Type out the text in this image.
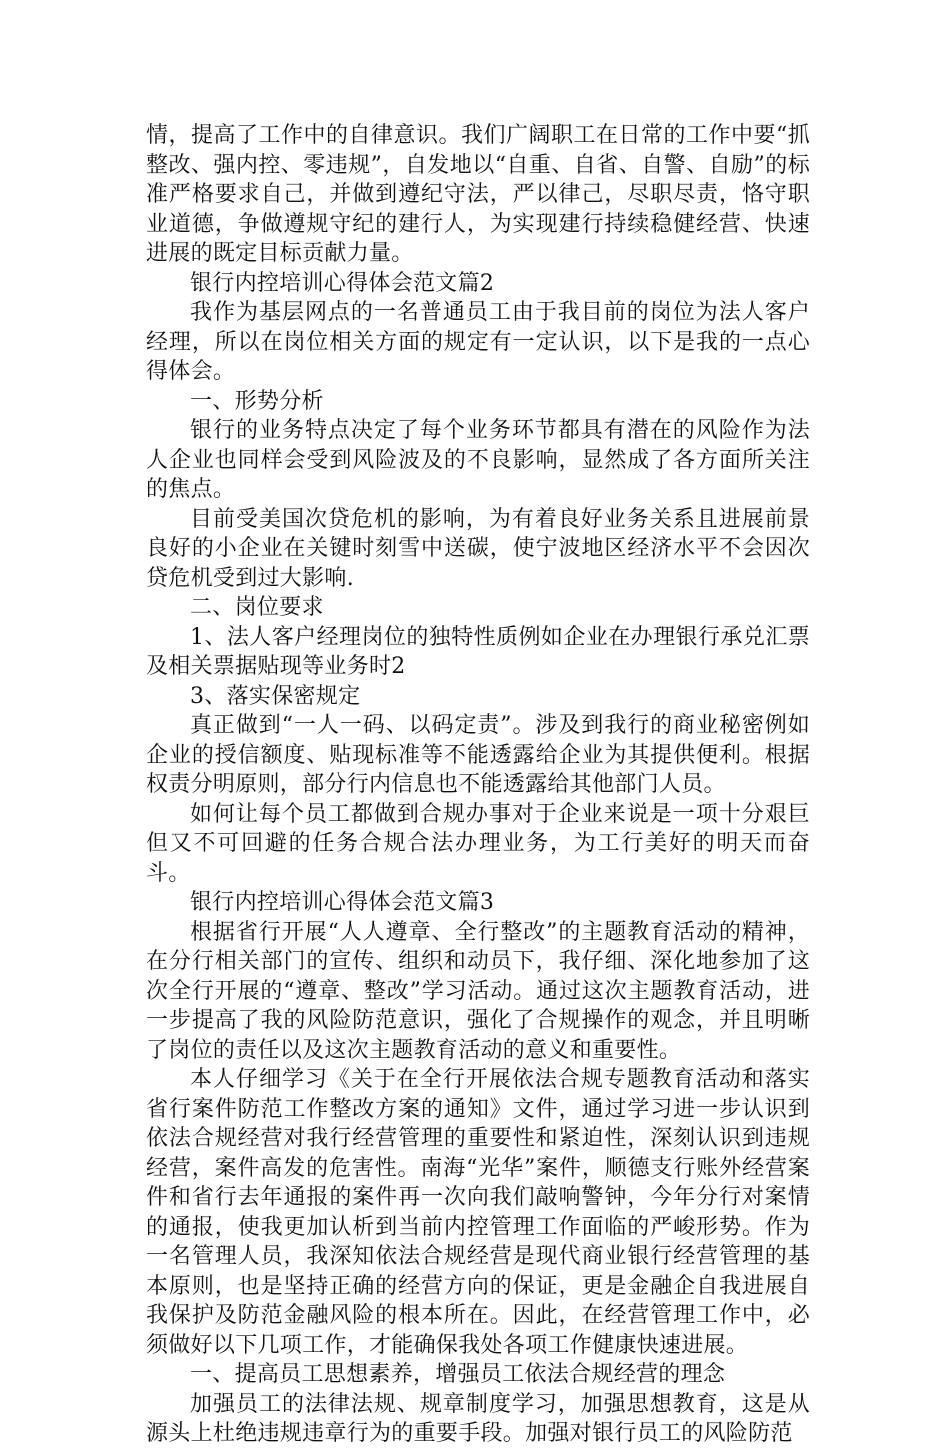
情，提高了工作中的自律意识。我们广阔职工在日常的工作中要“抓整改、强内控、零违规”，自发地以“自重、自省、自警、自励”的标准严格要求自己，并做到遵纪守法，严以律己，尽职尽责，恪守职业道德，争做遵规守纪的建行人，为实现建行持续稳健经营、快速进展的既定目标贡献力量。

银行内控培训心得体会范文篇2

我作为基层网点的一名普通员工由于我目前的岗位为法人客户经理，所以在岗位相关方面的规定有一定认识，以下是我的一点心得体会。

一、形势分析

银行的业务特点决定了每个业务环节都具有潜在的风险作为法人企业也同样会受到风险波及的不良影响，显然成了各方面所关注的焦点。

目前受美国次贷危机的影响，为有着良好业务关系且进展前景良好的小企业在关键时刻雪中送碳，使宁波地区经济水平不会因次贷危机受到过大影响.

二、岗位要求

1、法人客户经理岗位的独特性质例如企业在办理银行承兑汇票及相关票据贴现等业务时2

3、落实保密规定

真正做到“一人一码、以码定责”。涉及到我行的商业秘密例如企业的授信额度、贴现标准等不能透露给企业为其提供便利。根据权责分明原则，部分行内信息也不能透露给其他部门人员。

如何让每个员工都做到合规办事对于企业来说是一项十分艰巨但又不可回避的任务合规合法办理业务，为工行美好的明天而奋斗。

银行内控培训心得体会范文篇3

根据省行开展“人人遵章、全行整改”的主题教育活动的精神，在分行相关部门的宣传、组织和动员下，我仔细、深化地参加了这次全行开展的“遵章、整改”学习活动。通过这次主题教育活动，进一步提高了我的风险防范意识，强化了合规操作的观念，并且明晰了岗位的责任以及这次主题教育活动的意义和重要性。

本人仔细学习《关于在全行开展依法合规专题教育活动和落实省行案件防范工作整改方案的通知》文件，通过学习进一步认识到依法合规经营对我行经营管理的重要性和紧迫性，深刻认识到违规经营，案件高发的危害性。南海“光华”案件，顺德支行账外经营案件和省行去年通报的案件再一次向我们敲响警钟，今年分行对案情的通报，使我更加认析到当前内控管理工作面临的严峻形势。作为一名管理人员，我深知依法合规经营是现代商业银行经营管理的基本原则，也是坚持正确的经营方向的保证，更是金融企自我进展自我保护及防范金融风险的根本所在。因此，在经营管理工作中，必须做好以下几项工作，才能确保我处各项工作健康快速进展。

一、提高员工思想素养，增强员工依法合规经营的理念

加强员工的法律法规、规章制度学习，加强思想教育，这是从源头上杜绝违规违章行为的重要手段。加强对银行员工的风险防范
